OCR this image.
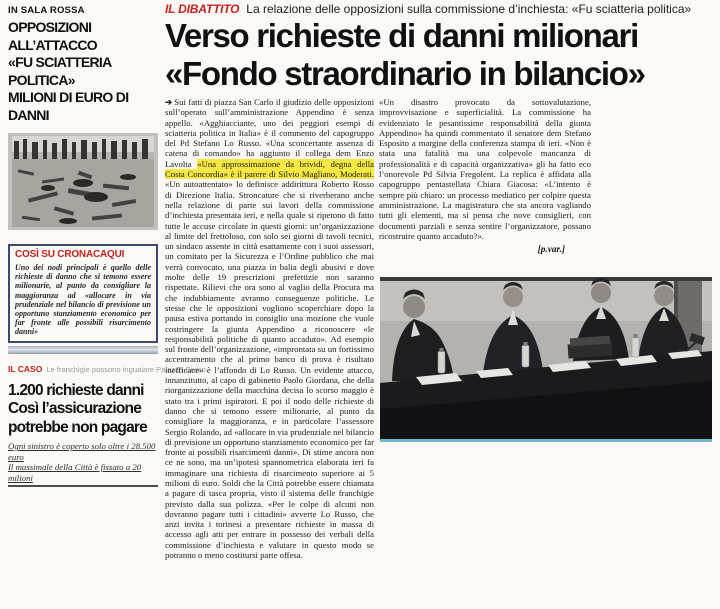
IN SALA ROSSA
OPPOSIZIONI ALL’ATTACCO
«FU SCIATTERIA POLITICA»
MILIONI DI EURO DI DANNI
COSÌ SU CRONACAQUI
Uno dei nodi principali è quello delle richieste di danno che si temono essere milionarie, al punto da consigliare la maggioranza ad «allocare in via prudenziale nel bilancio di previsione un opportuno stanziamento economico per far fronte alle possibili risarcimento danni»
IL CASO Le franchigie possono inguaiare Palazzo Civico
1.200 richieste danni
Così l’assicurazione
potrebbe non pagare
Ogni sinistro è coperto solo oltre i 28.500 euro
Il massimale della Città è fissato a 20 milioni
IL DIBATTITO La relazione delle opposizioni sulla commissione d’inchiesta: «Fu sciatteria politica»
Verso richieste di danni milionari
«Fondo straordinario in bilancio»
➔ Sui fatti di piazza San Carlo il giudizio delle opposizioni sull’operato sull’amministrazione Appendino è senza appello. «Agghiacciante, uno dei peggiori esempi di sciatteria politica in Italia» è il commento del capogruppo del Pd Stefano Lo Russo. «Una sconcertante assenza di catena di comando» ha aggiunto il collega dem Enzo Lavolta «Una approssimazione da brividi, degna della Costa Concordia» è il parere di Silvio Magliano, Moderati. «Un autoattentato» lo definisce addirittura Roberto Rosso di Direzione Italia. Stroncature che si riverberano anche nella relazione di parte sui lavori della commissione d’inchiesta presentata ieri, e nella quale si ripetono di fatto tutte le accuse circolate in questi giorni: un’organizzazione al limite del frettoloso, con solo sei giorni di tavoli tecnici, un sindaco assente in città esattamente con i suoi assessori, un comitato per la Sicurezza e l’Ordine pubblico che mai verrà convocato, una piazza in balia degli abusivi e dove molte delle 19 prescrizioni prefettizie non saranno rispettate. Rilievi che ora sono al vaglio della Procura ma che indubbiamente avranno conseguenze politiche. Le stesse che le opposizioni vogliono scoperchiare dopo la pausa estiva portando in consiglio una mozione che vuole costringere la giunta Appendino a riconoscere «le responsabilità politiche di quanto accaduto». Ad esempio sul fronte dell’organizzazione, «improntata su un fortissimo accentramento che al primo banco di prova è risultato inefficace» è l’affondo di Lo Russo. Un evidente attacco, innanzitutto, al capo di gabinetto Paolo Giordana, che della riorganizzazione della macchina decisa lo scorso maggio è stato tra i primi ispiratori. E poi il nodo delle richieste di danno che si temono essere milionarie, al punto da consigliare la maggioranza, e in particolare l’assessore Sergio Rolando, ad «allocare in via prudenziale nel bilancio di previsione un opportuno stanziamento economico per far fronte ai possibili risarcimenti danni». Di stime ancora non ce ne sono, ma un’ipotesi spannometrica elaborata ieri fa immaginare una richiesta di risarcimento superiore ai 5 milioni di euro. Soldi che la Città potrebbe essere chiamata a pagare di tasca propria, visto il sistema delle franchigie previsto dalla sua polizza. «Per le colpe di alcuni non dovranno pagare tutti i cittadini» avverte Lo Russo, che anzi invita i torinesi a presentare richieste in massa di accesso agli atti per entrare in possesso dei verbali della commissione d’inchiesta e valutare in questo modo se potranno o meno costitursi parte offesa.
«Un disastro provocato da sottovalutazione, improvvisazione e superficialità. La commissione ha evidenziato le pesantissime responsabilità della giunta Appendino» ha quindi commentato il senatore dem Stefano Esposito a margine della conferenza stampa di ieri. «Non è stata una fatalità ma una colpevole mancanza di professionalità e di capacità organizzativa» gli ha fatto eco l’onorevole Pd Silvia Fregolent. La replica è affidata alla capogruppo pentastellata Chiara Giacosa: «L’intento è sempre più chiaro: un processo mediatico per colpire questa amministrazione. La magistratura che sta ancora vagliando tutti gli elementi, ma si pensa che nove consiglieri, con documenti parziali e senza sentire l’organizzatore, possano ricostruire quanto accaduto?».
[p.var.]
